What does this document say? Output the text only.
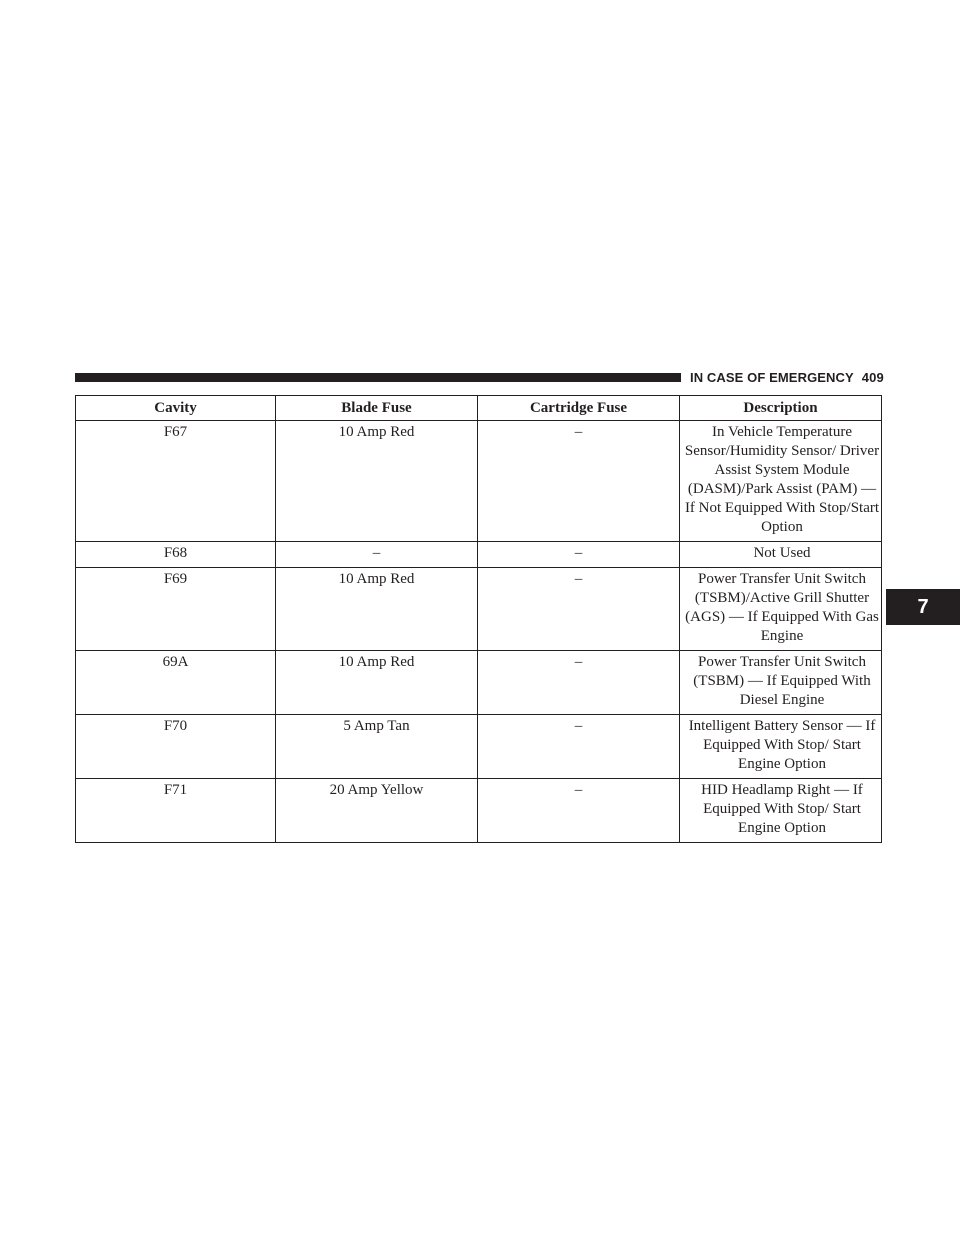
IN CASE OF EMERGENCY 409
7
Cavity	Blade Fuse	Cartridge Fuse	Description
F67	10 Amp Red	–	In Vehicle Temperature Sensor/Humidity Sensor/ Driver Assist System Module (DASM)/Park Assist (PAM) — If Not Equipped With Stop/Start Option
F68	–	–	Not Used
F69	10 Amp Red	–	Power Transfer Unit Switch (TSBM)/Active Grill Shutter (AGS) — If Equipped With Gas Engine
69A	10 Amp Red	–	Power Transfer Unit Switch (TSBM) — If Equipped With Diesel Engine
F70	5 Amp Tan	–	Intelligent Battery Sensor — If Equipped With Stop/ Start Engine Option
F71	20 Amp Yellow	–	HID Headlamp Right — If Equipped With Stop/ Start Engine Option
